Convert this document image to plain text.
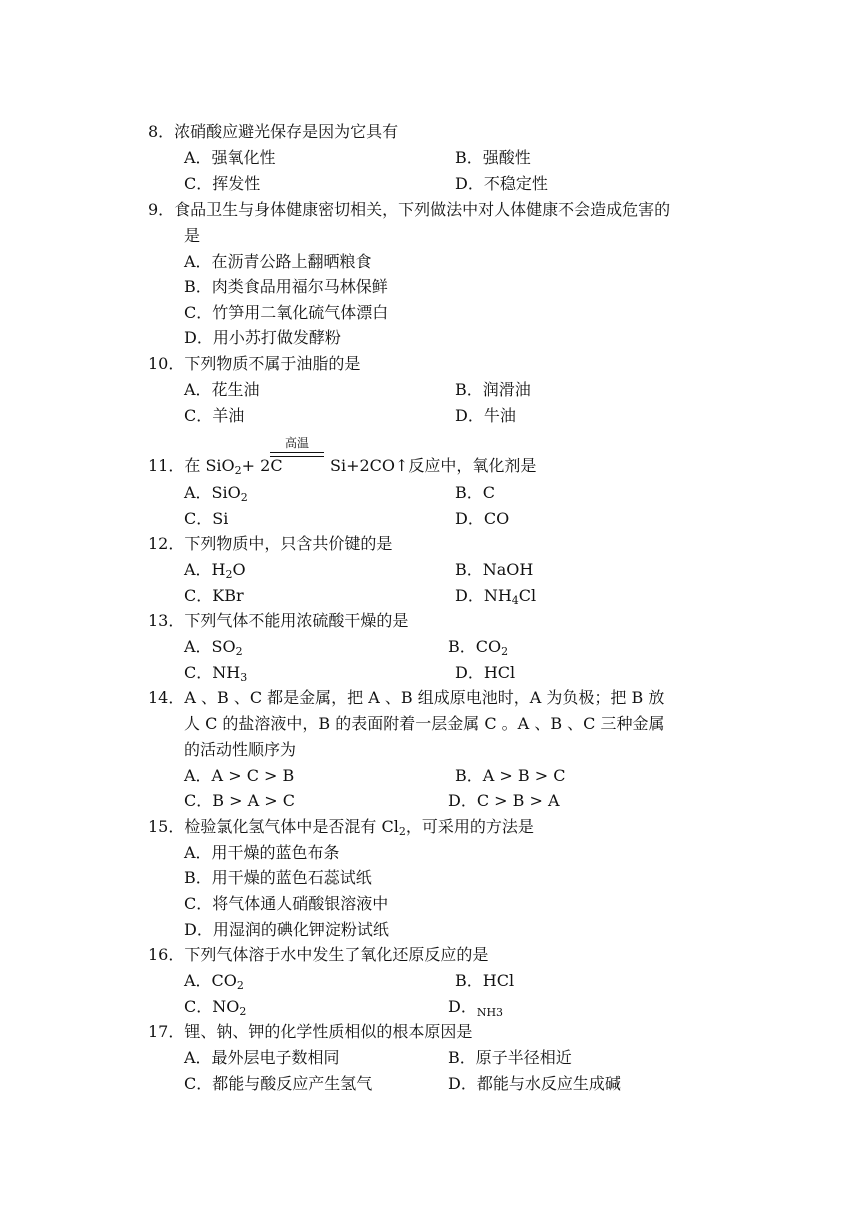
8．浓硝酸应避光保存是因为它具有
A．强氧化性	B．强酸性
C．挥发性	D．不稳定性
9．食品卫生与身体健康密切相关，下列做法中对人体健康不会造成危害的
是
A．在沥青公路上翻晒粮食
B．肉类食品用福尔马林保鲜
C．竹笋用二氧化硫气体漂白
D．用小苏打做发酵粉
10．下列物质不属于油脂的是
A．花生油	B．润滑油
C．羊油	D．牛油
高温
11．在 SiO$_2$+ 2C	Si+2CO↑反应中，氧化剂是
A．SiO$_2$	B．C
C．Si	D．CO
12．下列物质中，只含共价键的是
A．$H_2O$	B．NaOH
C．KBr	D．$NH_4Cl$
13．下列气体不能用浓硫酸干燥的是
A．$SO_2$	B．$CO_2$
C．$NH_3$	D．HCl
14．A 、B 、C 都是金属，把 A 、B 组成原电池时，A 为负极；把 B 放
人 C 的盐溶液中，B 的表面附着一层金属 C 。A 、B 、C 三种金属
的活动性顺序为
A．A > C > B	B．A > B > C
C．B > A > C	D．C > B > A
15．检验氯化氢气体中是否混有 $Cl_2$，可采用的方法是
A．用干燥的蓝色布条
B．用干燥的蓝色石蕊试纸
C．将气体通人硝酸银溶液中
D．用湿润的碘化钾淀粉试纸
16．下列气体溶于水中发生了氧化还原反应的是
A．$CO_2$	B．HCl
C．$NO_2$	D．$_{NH3}$
17．锂、钠、钾的化学性质相似的根本原因是
A．最外层电子数相同	B．原子半径相近
C．都能与酸反应产生氢气	D．都能与水反应生成碱
